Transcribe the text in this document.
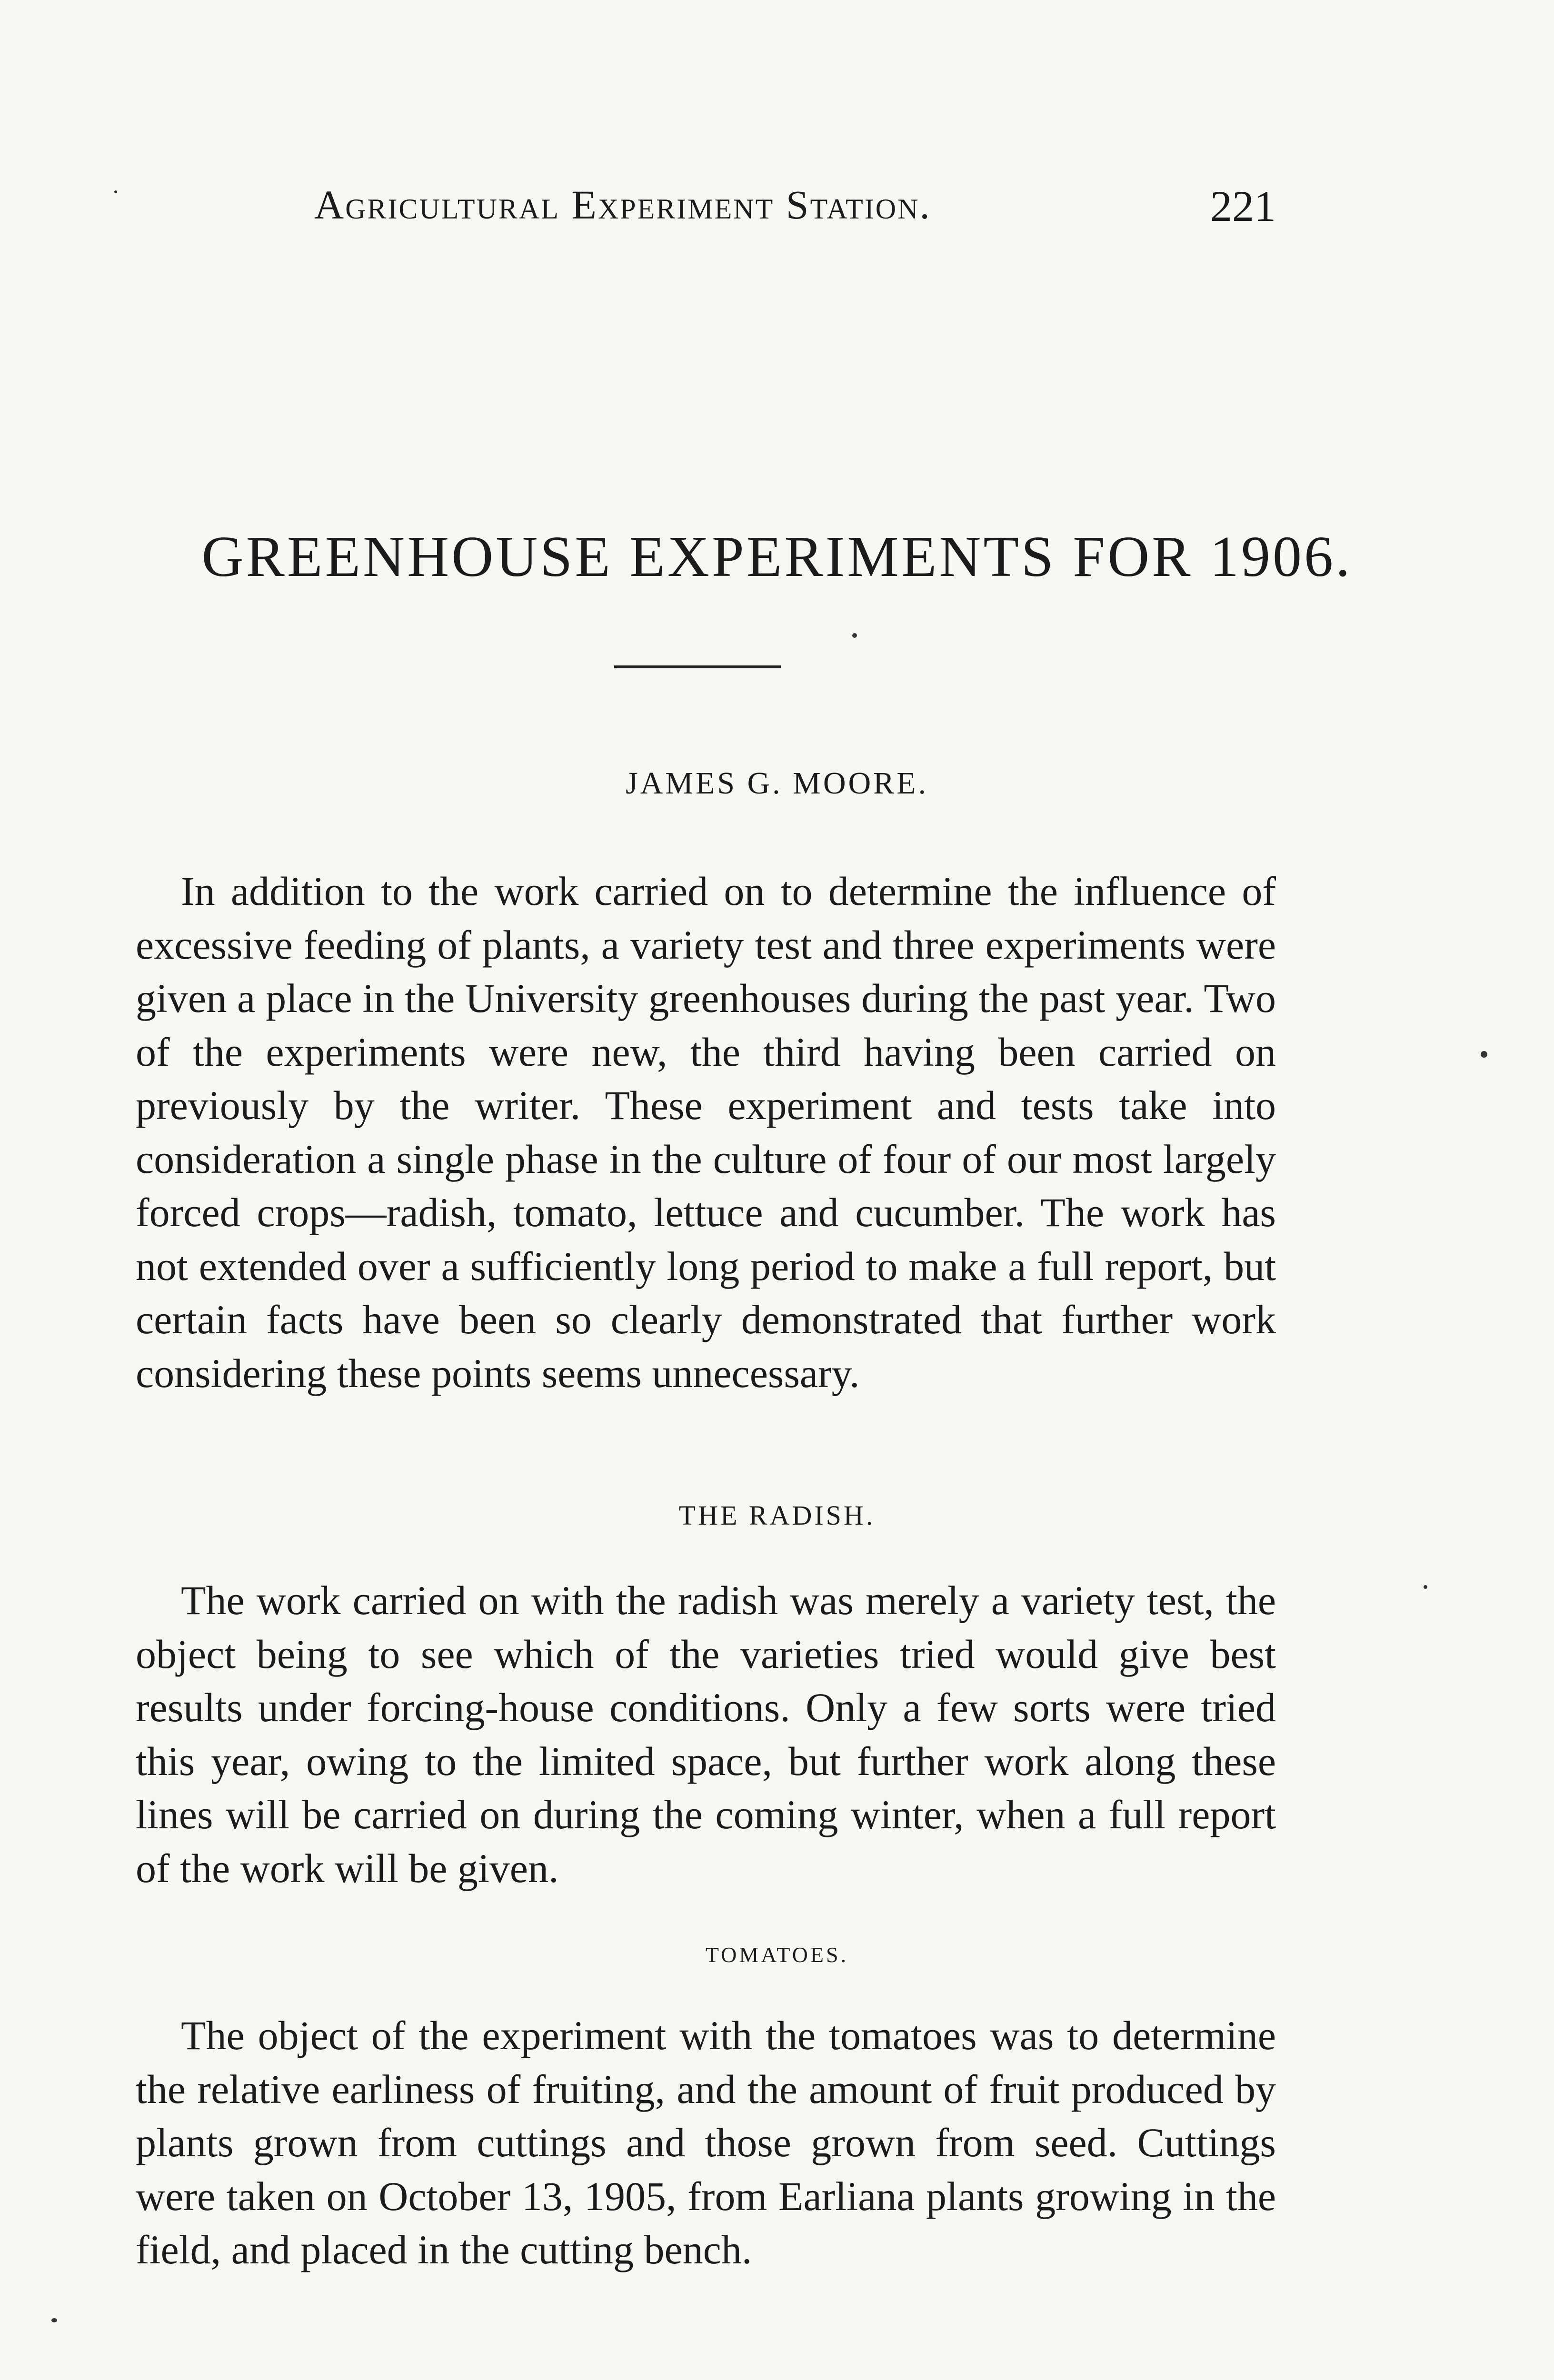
Agricultural Experiment Station.	221
GREENHOUSE EXPERIMENTS FOR 1906.
JAMES G. MOORE.

In addition to the work carried on to determine the influence of excessive feeding of plants, a variety test and three experiments were given a place in the University greenhouses during the past year. Two of the experiments were new, the third having been carried on previously by the writer. These experiment and tests take into consideration a single phase in the culture of four of our most largely forced crops—radish, tomato, lettuce and cucumber. The work has not extended over a sufficiently long period to make a full report, but certain facts have been so clearly demonstrated that further work considering these points seems unnecessary.

THE RADISH.

The work carried on with the radish was merely a variety test, the object being to see which of the varieties tried would give best results under forcing-house conditions. Only a few sorts were tried this year, owing to the limited space, but further work along these lines will be carried on during the coming winter, when a full report of the work will be given.

TOMATOES.

The object of the experiment with the tomatoes was to determine the relative earliness of fruiting, and the amount of fruit produced by plants grown from cuttings and those grown from seed. Cuttings were taken on October 13, 1905, from Earliana plants growing in the field, and placed in the cutting bench.
